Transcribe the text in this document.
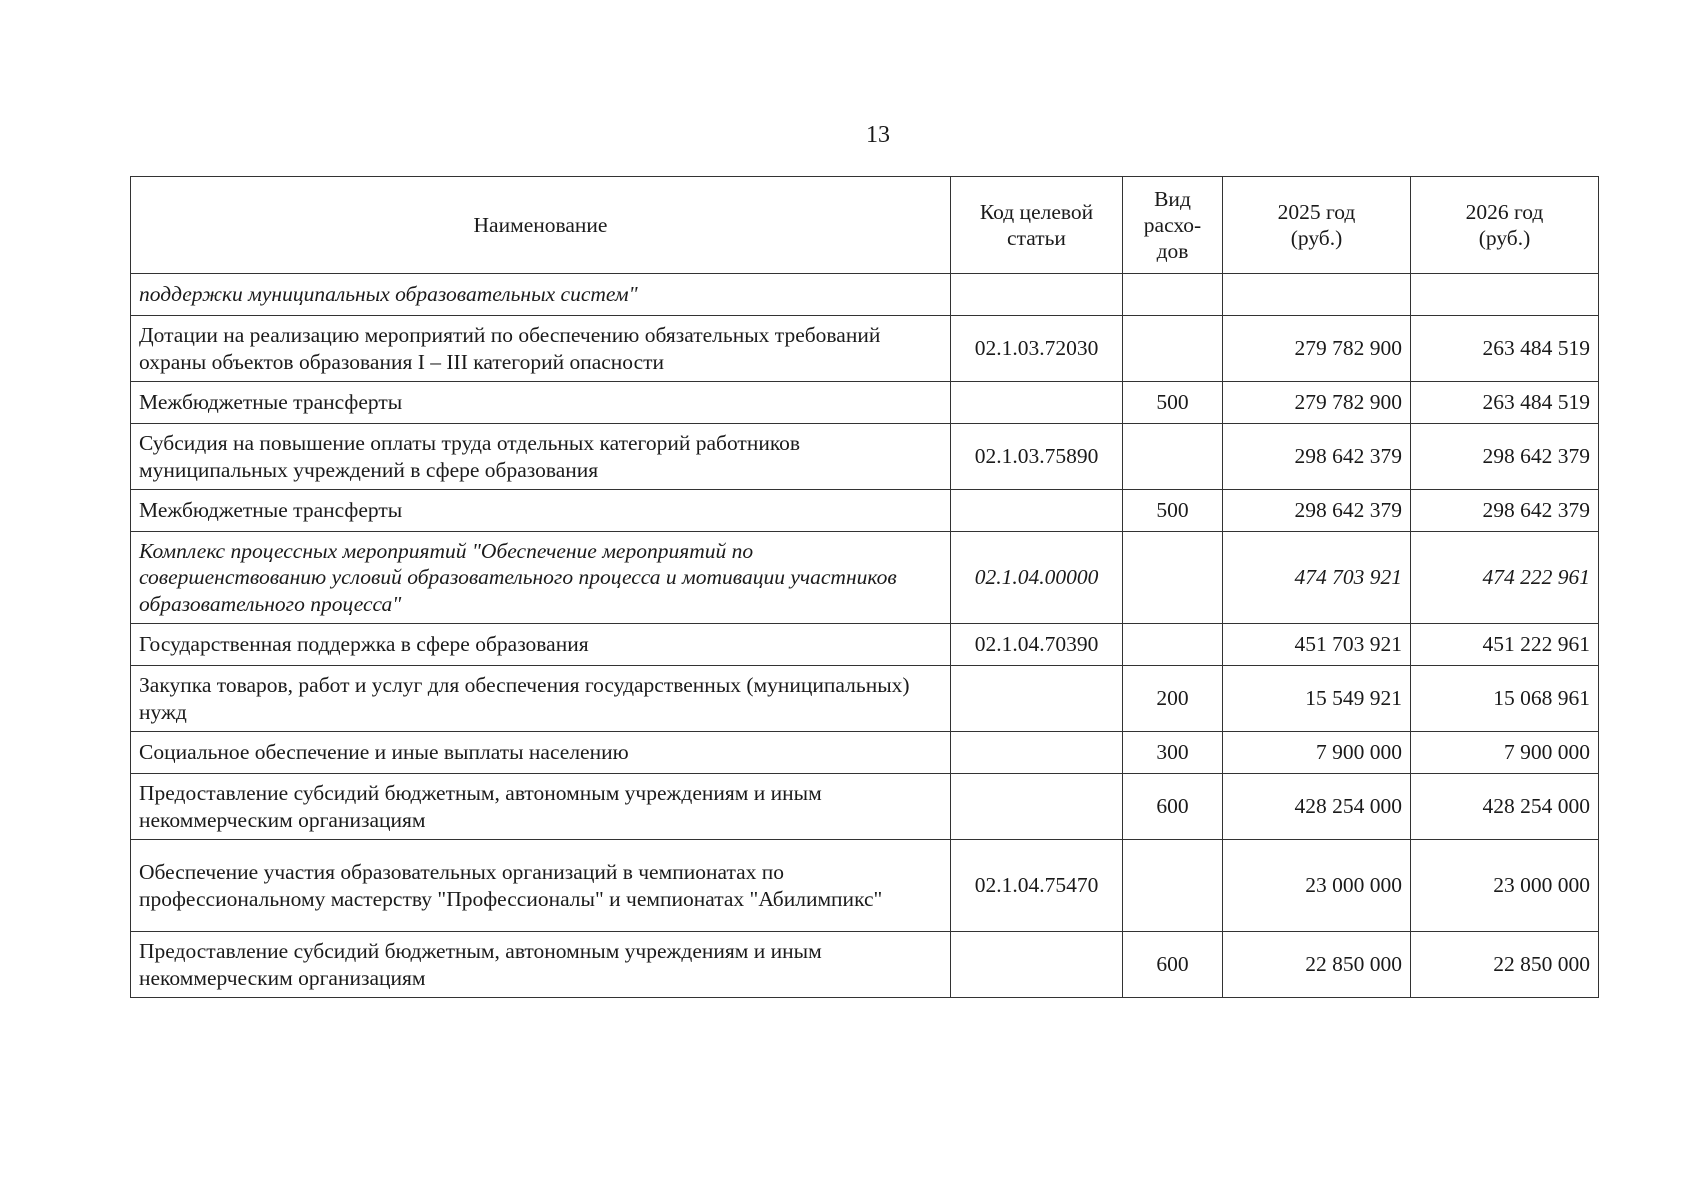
13
Наименование	Код целевой статьи	Вид расхо-дов	2025 год (руб.)	2026 год (руб.)
поддержки муниципальных образовательных систем"				
Дотации на реализацию мероприятий по обеспечению обязательных требований охраны объектов образования I – III категорий опасности	02.1.03.72030		279 782 900	263 484 519
Межбюджетные трансферты		500	279 782 900	263 484 519
Субсидия на повышение оплаты труда отдельных категорий работников муниципальных учреждений в сфере образования	02.1.03.75890		298 642 379	298 642 379
Межбюджетные трансферты		500	298 642 379	298 642 379
Комплекс процессных мероприятий "Обеспечение мероприятий по совершенствованию условий образовательного процесса и мотивации участников образовательного процесса"	02.1.04.00000		474 703 921	474 222 961
Государственная поддержка в сфере образования	02.1.04.70390		451 703 921	451 222 961
Закупка товаров, работ и услуг для обеспечения государственных (муниципальных) нужд		200	15 549 921	15 068 961
Социальное обеспечение и иные выплаты населению		300	7 900 000	7 900 000
Предоставление субсидий бюджетным, автономным учреждениям и иным некоммерческим организациям		600	428 254 000	428 254 000
Обеспечение участия образовательных организаций в чемпионатах по профессиональному мастерству "Профессионалы" и чемпионатах "Абилимпикс"	02.1.04.75470		23 000 000	23 000 000
Предоставление субсидий бюджетным, автономным учреждениям и иным некоммерческим организациям		600	22 850 000	22 850 000
